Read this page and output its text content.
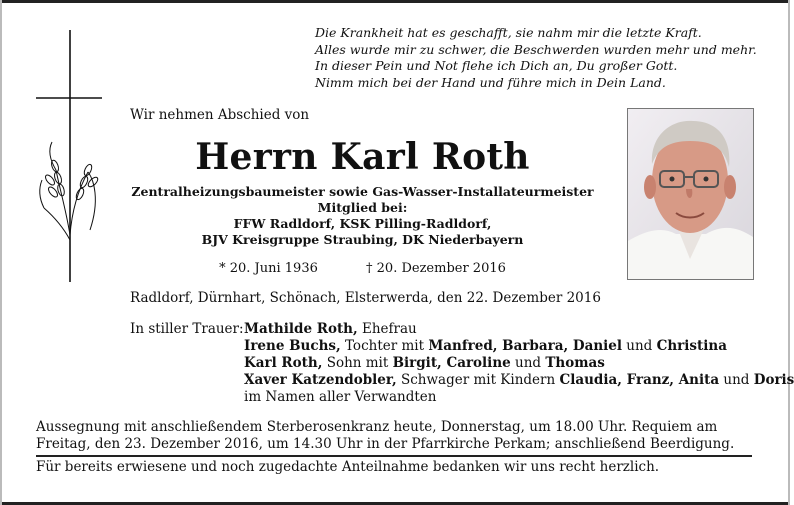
Die Krankheit hat es geschafft, sie nahm mir die letzte Kraft.
Alles wurde mir zu schwer, die Beschwerden wurden mehr und mehr.
In dieser Pein und Not flehe ich Dich an, Du großer Gott.
Nimm mich bei der Hand und führe mich in Dein Land.
Wir nehmen Abschied von
Herrn Karl Roth
Zentralheizungsbaumeister sowie Gas-Wasser-Installateurmeister
Mitglied bei:
FFW Radldorf, KSK Pilling-Radldorf,
BJV Kreisgruppe Straubing, DK Niederbayern
* 20. Juni 1936	† 20. Dezember 2016
Radldorf, Dürnhart, Schönach, Elsterwerda, den 22. Dezember 2016
In stiller Trauer: Mathilde Roth, Ehefrau
Irene Buchs, Tochter mit Manfred, Barbara, Daniel und Christina
Karl Roth, Sohn mit Birgit, Caroline und Thomas
Xaver Katzendobler, Schwager mit Kindern Claudia, Franz, Anita und Doris
im Namen aller Verwandten
Aussegnung mit anschließendem Sterberosenkranz heute, Donnerstag, um 18.00 Uhr. Requiem am Freitag, den 23. Dezember 2016, um 14.30 Uhr in der Pfarrkirche Perkam; anschließend Beerdigung.
Für bereits erwiesene und noch zugedachte Anteilnahme bedanken wir uns recht herzlich.
